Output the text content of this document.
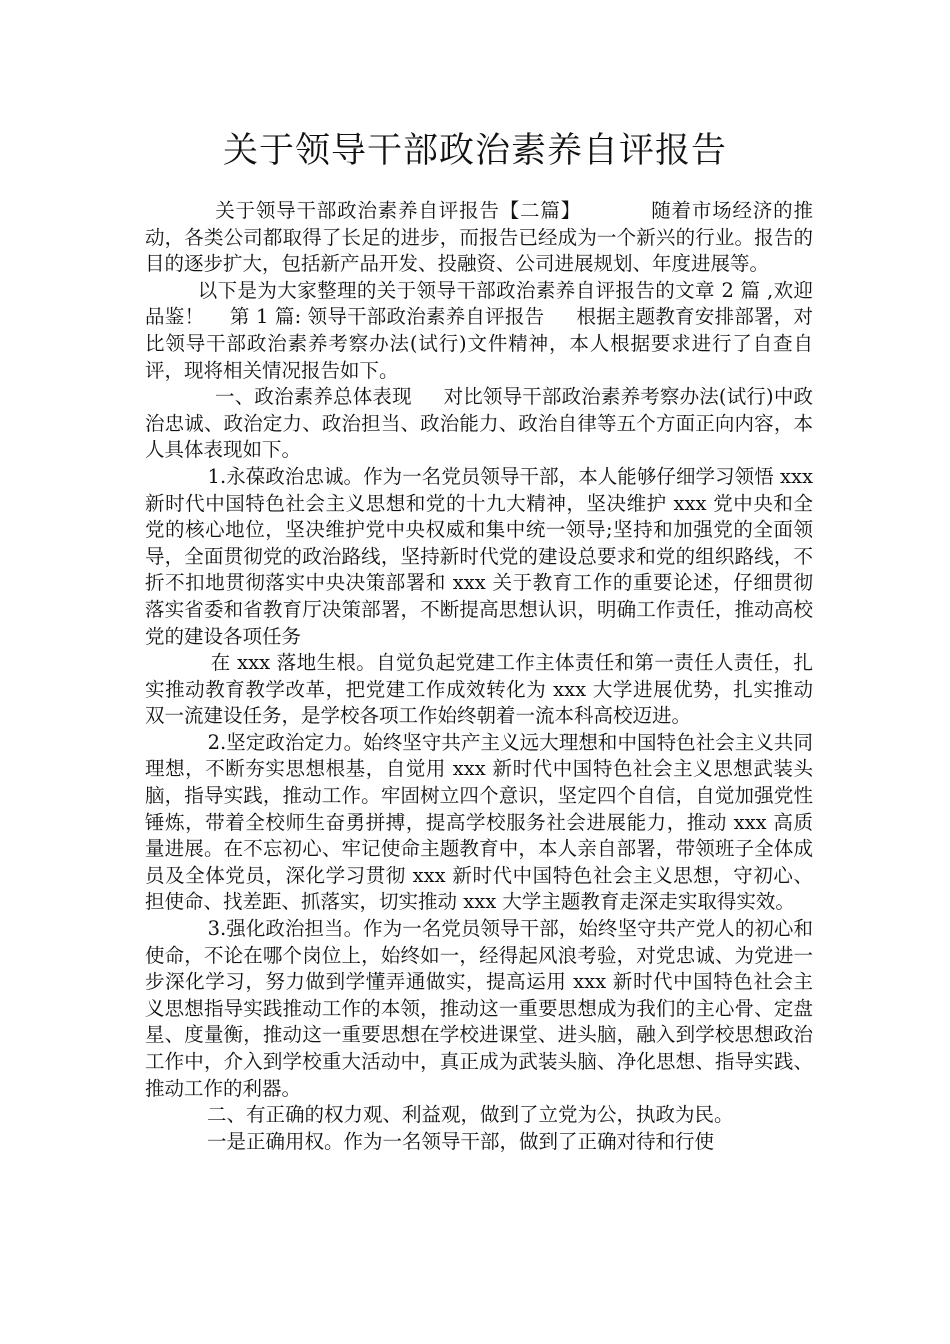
关于领导干部政治素养自评报告

关于领导干部政治素养自评报告【二篇】          随着市场经济的推动，各类公司都取得了长足的进步，而报告已经成为一个新兴的行业。报告的目的逐步扩大，包括新产品开发、投融资、公司进展规划、年度进展等。

以下是为大家整理的关于领导干部政治素养自评报告的文章 2 篇 ,欢迎品鉴！    第 1 篇: 领导干部政治素养自评报告     根据主题教育安排部署，对比领导干部政治素养考察办法(试行)文件精神，本人根据要求进行了自查自评，现将相关情况报告如下。

一、政治素养总体表现     对比领导干部政治素养考察办法(试行)中政治忠诚、政治定力、政治担当、政治能力、政治自律等五个方面正向内容，本人具体表现如下。

1.永葆政治忠诚。作为一名党员领导干部，本人能够仔细学习领悟 xxx 新时代中国特色社会主义思想和党的十九大精神，坚决维护 xxx 党中央和全党的核心地位，坚决维护党中央权威和集中统一领导;坚持和加强党的全面领导，全面贯彻党的政治路线，坚持新时代党的建设总要求和党的组织路线，不折不扣地贯彻落实中央决策部署和 xxx 关于教育工作的重要论述，仔细贯彻落实省委和省教育厅决策部署，不断提高思想认识，明确工作责任，推动高校党的建设各项任务

在 xxx 落地生根。自觉负起党建工作主体责任和第一责任人责任，扎实推动教育教学改革，把党建工作成效转化为 xxx 大学进展优势，扎实推动双一流建设任务，是学校各项工作始终朝着一流本科高校迈进。

2.坚定政治定力。始终坚守共产主义远大理想和中国特色社会主义共同理想，不断夯实思想根基，自觉用 xxx 新时代中国特色社会主义思想武装头脑，指导实践，推动工作。牢固树立四个意识，坚定四个自信，自觉加强党性锤炼，带着全校师生奋勇拼搏，提高学校服务社会进展能力，推动 xxx 高质量进展。在不忘初心、牢记使命主题教育中，本人亲自部署，带领班子全体成员及全体党员，深化学习贯彻 xxx 新时代中国特色社会主义思想，守初心、担使命、找差距、抓落实，切实推动 xxx 大学主题教育走深走实取得实效。

3.强化政治担当。作为一名党员领导干部，始终坚守共产党人的初心和使命，不论在哪个岗位上，始终如一，经得起风浪考验，对党忠诚、为党进一步深化学习，努力做到学懂弄通做实，提高运用 xxx 新时代中国特色社会主义思想指导实践推动工作的本领，推动这一重要思想成为我们的主心骨、定盘星、度量衡，推动这一重要思想在学校进课堂、进头脑，融入到学校思想政治工作中，介入到学校重大活动中，真正成为武装头脑、净化思想、指导实践、推动工作的利器。

二、有正确的权力观、利益观，做到了立党为公，执政为民。

一是正确用权。作为一名领导干部，做到了正确对待和行使
